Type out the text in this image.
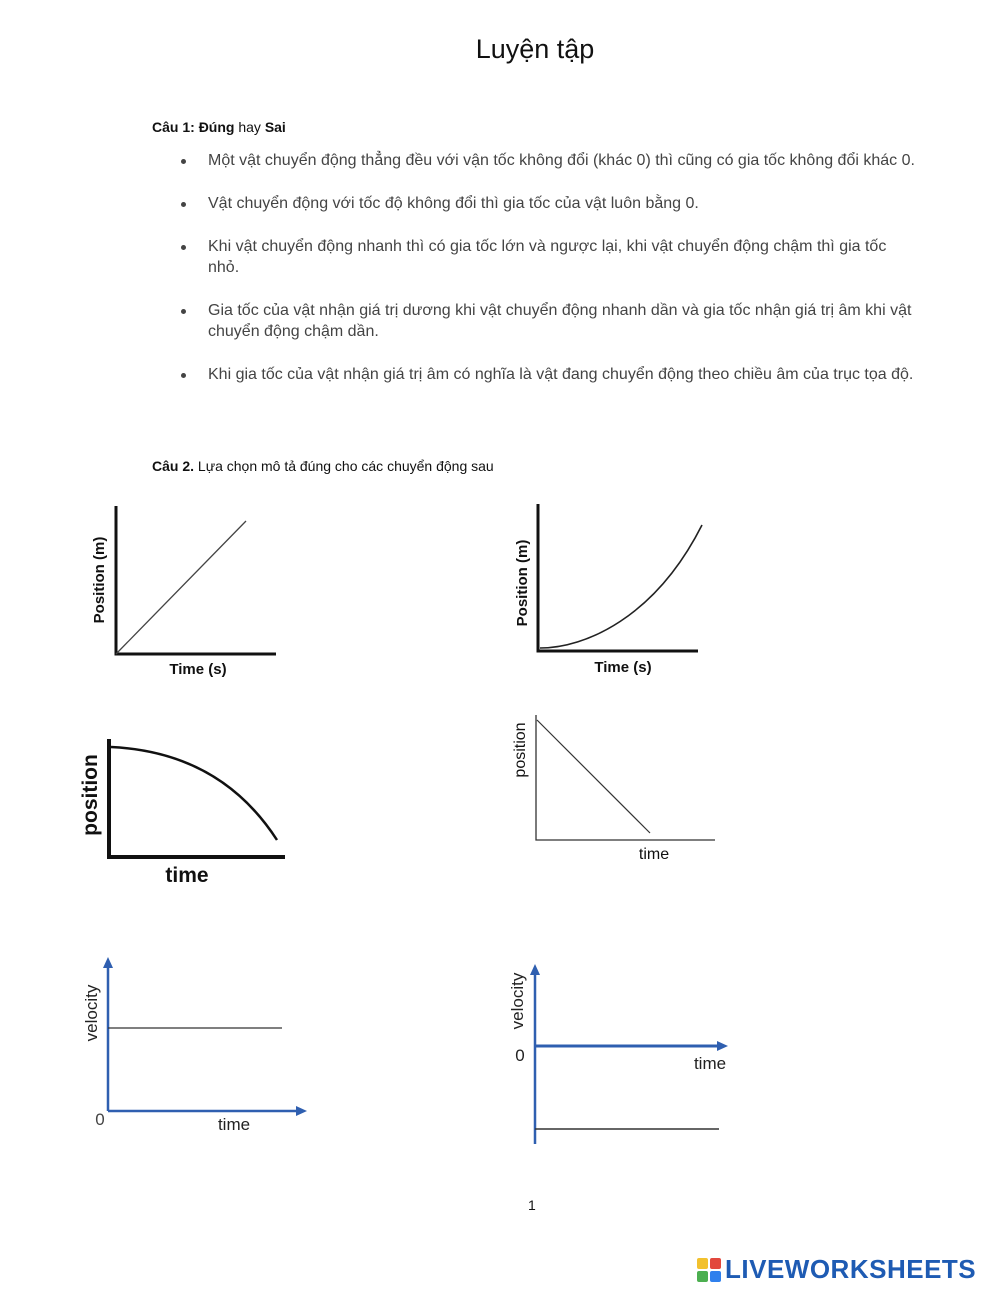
Luyện tập
Câu 1: Đúng hay Sai
Một vật chuyển động thẳng đều với vận tốc không đổi (khác 0) thì cũng có gia tốc không đổi khác 0.
Vật chuyển động với tốc độ không đổi thì gia tốc của vật luôn bằng 0.
Khi vật chuyển động nhanh thì có gia tốc lớn và ngược lại, khi vật chuyển động chậm thì gia tốc nhỏ.
Gia tốc của vật nhận giá trị dương khi vật chuyển động nhanh dần và gia tốc nhận giá trị âm khi vật chuyển động chậm dần.
Khi gia tốc của vật nhận giá trị âm có nghĩa là vật đang chuyển động theo chiều âm của trục tọa độ.
Câu 2. Lựa chọn mô tả đúng cho các chuyển động sau
Position (m)
Time (s)
Position (m)
Time (s)
position
time
position
time
velocity
0	time
velocity
0	time
1
LIVEWORKSHEETS
